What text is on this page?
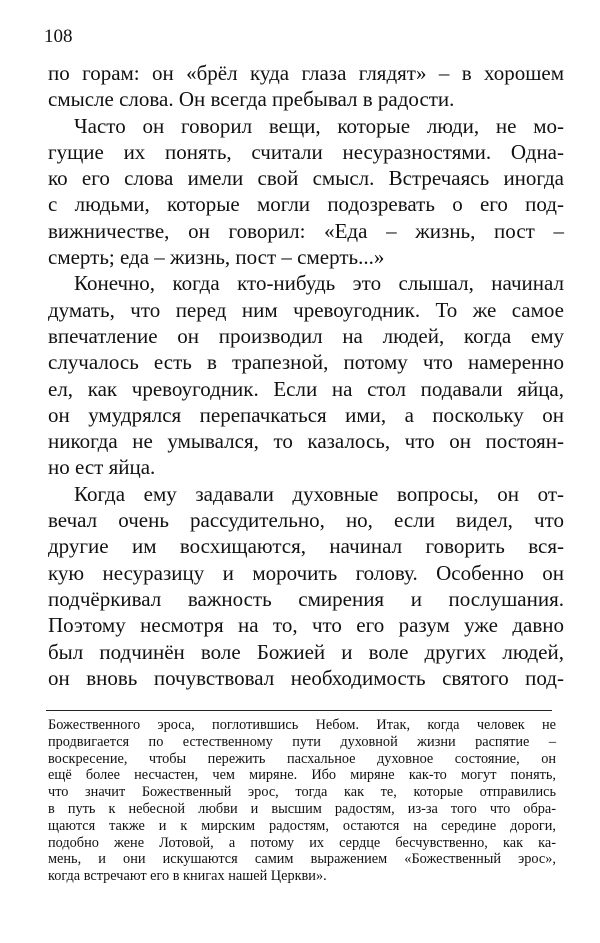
108
по горам: он «брёл куда глаза глядят» – в хорошем
смысле слова. Он всегда пребывал в радости.
Часто он говорил вещи, которые люди, не мо-
гущие их понять, считали несуразностями. Одна-
ко его слова имели свой смысл. Встречаясь иногда
с людьми, которые могли подозревать о его под-
вижничестве, он говорил: «Еда – жизнь, пост –
смерть; еда – жизнь, пост – смерть...»
Конечно, когда кто-нибудь это слышал, начинал
думать, что перед ним чревоугодник. То же самое
впечатление он производил на людей, когда ему
случалось есть в трапезной, потому что намеренно
ел, как чревоугодник. Если на стол подавали яйца,
он умудрялся перепачкаться ими, а поскольку он
никогда не умывался, то казалось, что он постоян-
но ест яйца.
Когда ему задавали духовные вопросы, он от-
вечал очень рассудительно, но, если видел, что
другие им восхищаются, начинал говорить вся-
кую несуразицу и морочить голову. Особенно он
подчёркивал важность смирения и послушания.
Поэтому несмотря на то, что его разум уже давно
был подчинён воле Божией и воле других людей,
он вновь почувствовал необходимость святого под-
Божественного эроса, поглотившись Небом. Итак, когда человек не
продвигается по естественному пути духовной жизни распятие –
воскресение, чтобы пережить пасхальное духовное состояние, он
ещё более несчастен, чем миряне. Ибо миряне как-то могут понять,
что значит Божественный эрос, тогда как те, которые отправились
в путь к небесной любви и высшим радостям, из-за того что обра-
щаются также и к мирским радостям, остаются на середине дороги,
подобно жене Лотовой, а потому их сердце бесчувственно, как ка-
мень, и они искушаются самим выражением «Божественный эрос»,
когда встречают его в книгах нашей Церкви».
